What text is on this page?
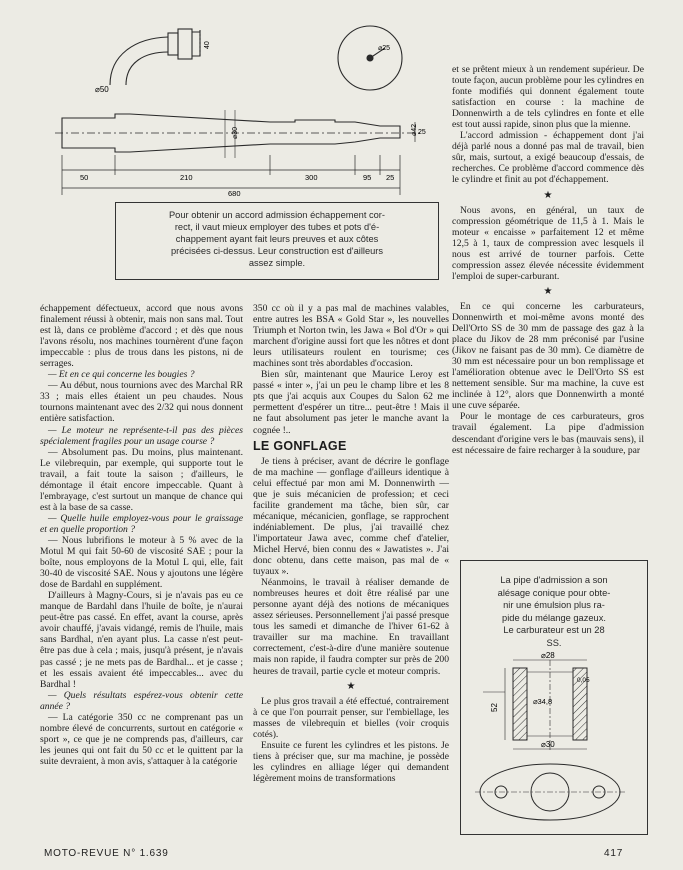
⌀50
⌀25
⌀30	⌀42 25
40
50	210	300	95 25
680
Pour obtenir un accord admission échappement cor-
rect, il vaut mieux employer des tubes et pots d'é-
chappement ayant fait leurs preuves et aux côtes
précisées ci-dessus. Leur construction est d'ailleurs
assez simple.

échappement défectueux, accord que nous avons finalement réussi à obtenir, mais non sans mal. Tout est là, dans ce problème d'accord ; et dès que nous l'avons résolu, nos machines tournèrent d'une façon impeccable : plus de trous dans les pistons, ni de serrages.

— Et en ce qui concerne les bougies ?

— Au début, nous tournions avec des Marchal RR 33 ; mais elles étaient un peu chaudes. Nous tournons maintenant avec des 2/32 qui nous donnent entière satisfaction.

— Le moteur ne représente-t-il pas des pièces spécialement fragiles pour un usage course ?

— Absolument pas. Du moins, plus maintenant. Le vilebrequin, par exemple, qui supporte tout le travail, a fait toute la saison ; d'ailleurs, le démontage il était encore impeccable. Quant à l'embrayage, c'est surtout un manque de chance qui est à la base de sa casse.

— Quelle huile employez-vous pour le graissage et en quelle proportion ?

— Nous lubrifions le moteur à 5 % avec de la Motul M qui fait 50-60 de viscosité SAE ; pour la boîte, nous employons de la Motul L qui, elle, fait 30-40 de viscosité SAE. Nous y ajoutons une légère dose de Bardahl en supplément.

D'ailleurs à Magny-Cours, si je n'avais pas eu ce manque de Bardahl dans l'huile de boîte, je n'aurai peut-être pas cassé. En effet, avant la course, après avoir chauffé, j'avais vidangé, remis de l'huile, mais sans Bardhal, n'en ayant plus. La casse n'est peut-être pas due à cela ; mais, jusqu'à présent, je n'avais pas cassé ; je ne mets pas de Bardhal... et je casse ; et les essais avaient été impeccables... avec du Bardhal !

— Quels résultats espérez-vous obtenir cette année ?

— La catégorie 350 cc ne comprenant pas un nombre élevé de concurrents, surtout en catégorie « sport », ce que je ne comprends pas, d'ailleurs, car les jeunes qui ont fait du 50 cc et le quittent par la suite devraient, à mon avis, s'attaquer à la catégorie

350 cc où il y a pas mal de machines valables, entre autres les BSA « Gold Star », les nouvelles Triumph et Norton twin, les Jawa « Bol d'Or » qui marchent d'origine aussi fort que les nôtres et dont leurs utilisateurs roulent en tourisme; ces machines sont très abordables d'occasion.

Bien sûr, maintenant que Maurice Leroy est passé « inter », j'ai un peu le champ libre et les 8 pts que j'ai acquis aux Coupes du Salon 62 me permettent d'espérer un titre... peut-être ! Mais il ne faut absolument pas jeter le manche avant la cognée !..

LE GONFLAGE

Je tiens à préciser, avant de décrire le gonflage de ma machine — gonflage d'ailleurs identique à celui effectué par mon ami M. Donnenwirth — que je suis mécanicien de profession; et ceci facilite grandement ma tâche, bien sûr, car mécanique, mécanicien, gonflage, se rapprochent indéniablement. De plus, j'ai travaillé chez l'importateur Jawa avec, comme chef d'atelier, Michel Hervé, bien connu des « Jawatistes ». J'ai donc obtenu, dans cette maison, pas mal de « tuyaux ».

Néanmoins, le travail à réaliser demande de nombreuses heures et doit être réalisé par une personne ayant déjà des notions de mécaniques assez sérieuses. Personnellement j'ai passé presque tous les samedi et dimanche de l'hiver 61-62 à travailler sur ma machine. En travaillant correctement, c'est-à-dire d'une manière soutenue mais non rapide, il faudra compter sur près de 200 heures de travail, partie cycle et moteur compris.

★

Le plus gros travail a été effectué, contrairement à ce que l'on pourrait penser, sur l'embiellage, les masses de vilebrequin et bielles (voir croquis cotés).

Ensuite ce furent les cylindres et les pistons. Je tiens à préciser que, sur ma machine, je possède les cylindres en alliage léger qui demandent légèrement moins de transformations

et se prêtent mieux à un rendement supérieur. De toute façon, aucun problème pour les cylindres en fonte modifiés qui donnent également toute satisfaction en course : la machine de Donnenwirth a de tels cylindres en fonte et elle est tout aussi rapide, sinon plus que la mienne.

L'accord admission - échappement dont j'ai déjà parlé nous a donné pas mal de travail, bien sûr, mais, surtout, a exigé beaucoup d'essais, de recherches. Ce problème d'accord commence dès le cylindre et finit au pot d'échappement.

★

Nous avons, en général, un taux de compression géométrique de 11,5 à 1. Mais le moteur « encaisse » parfaitement 12 et même 12,5 à 1, taux de compression avec lesquels il nous est arrivé de tourner parfois. Cette compression assez élevée nécessite évidemment l'emploi de super-carburant.

★

En ce qui concerne les carburateurs, Donnenwirth et moi-même avons monté des Dell'Orto SS de 30 mm de passage des gaz à la place du Jikov de 28 mm préconisé par l'usine (Jikov ne faisant pas de 30 mm). Ce diamètre de 30 mm est nécessaire pour un bon remplissage et l'amélioration obtenue avec le Dell'Orto SS est nettement sensible. Sur ma machine, la cuve est inclinée à 12°, alors que Donnenwirth a monté une cuve séparée.

Pour le montage de ces carburateurs, gros travail également. La pipe d'admission descendant d'origine vers le bas (mauvais sens), il est nécessaire de faire recharger à la soudure, par

La pipe d'admission a son
alésage conique pour obte-
nir une émulsion plus ra-
pide du mélange gazeux.
Le carburateur est un 28
SS.
⌀28
⌀34,8
0,05
52
⌀30
MOTO-REVUE N° 1.639	417
